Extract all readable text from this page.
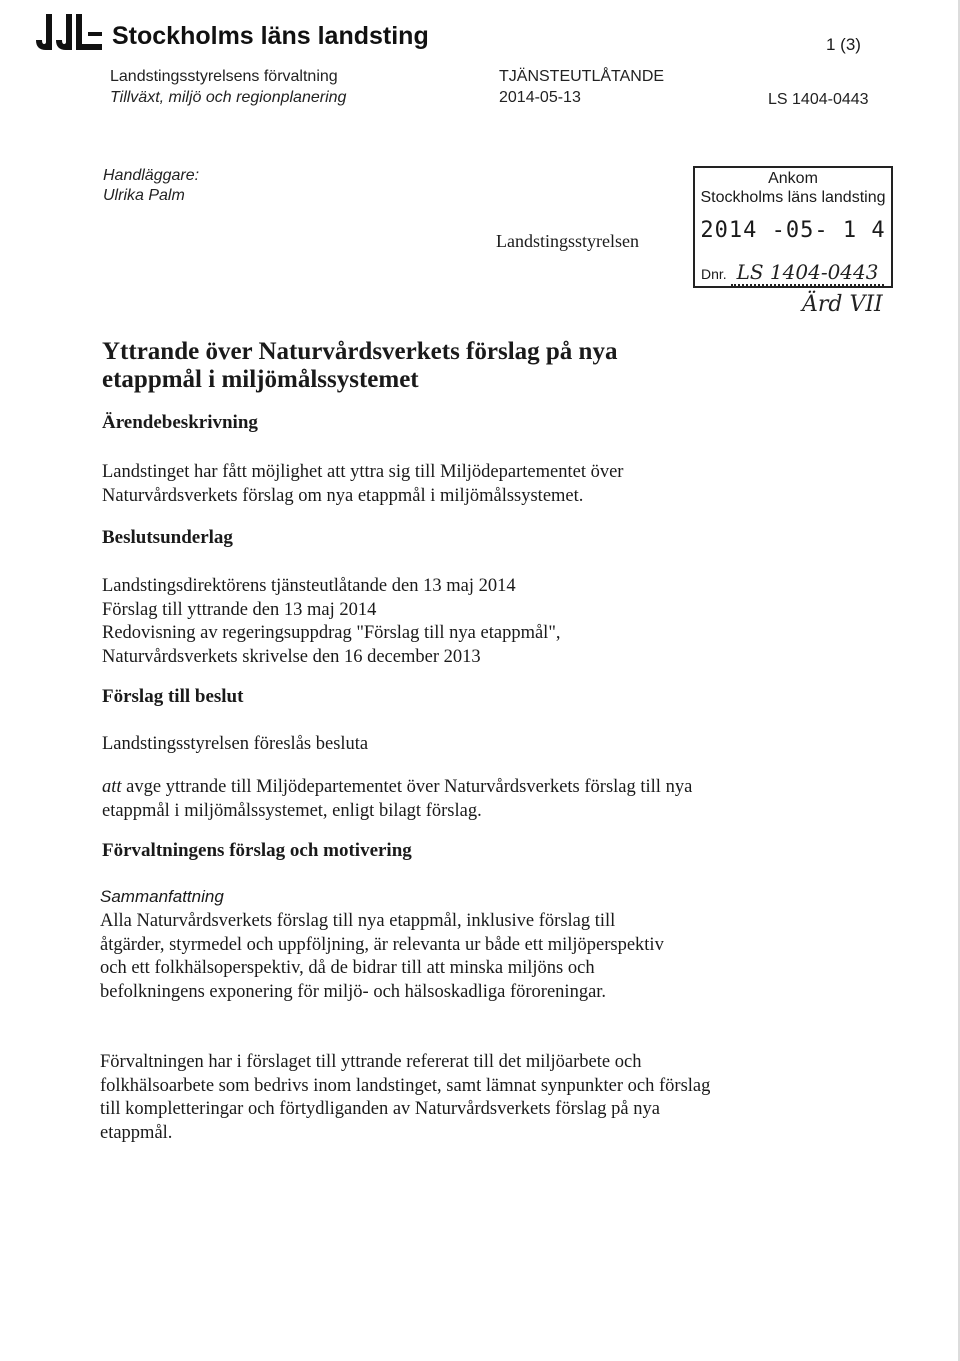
Stockholms läns landsting	1 (3)
Landstingsstyrelsens förvaltning
Tillväxt, miljö och regionplanering
TJÄNSTEUTLÅTANDE
2014-05-13	LS 1404-0443
Handläggare:
Ulrika Palm
Landstingsstyrelsen
Ankom
Stockholms läns landsting
2014 -05- 1 4
Dnr. LS 1404-0443
Ärd VII
Yttrande över Naturvårdsverkets förslag på nya etappmål i miljömålssystemet
Ärendebeskrivning
Landstinget har fått möjlighet att yttra sig till Miljödepartementet över Naturvårdsverkets förslag om nya etappmål i miljömålssystemet.
Beslutsunderlag
Landstingsdirektörens tjänsteutlåtande den 13 maj 2014
Förslag till yttrande den 13 maj 2014
Redovisning av regeringsuppdrag "Förslag till nya etappmål",
Naturvårdsverkets skrivelse den 16 december 2013
Förslag till beslut
Landstingsstyrelsen föreslås besluta
att avge yttrande till Miljödepartementet över Naturvårdsverkets förslag till nya etappmål i miljömålssystemet, enligt bilagt förslag.
Förvaltningens förslag och motivering
Sammanfattning
Alla Naturvårdsverkets förslag till nya etappmål, inklusive förslag till åtgärder, styrmedel och uppföljning, är relevanta ur både ett miljöperspektiv och ett folkhälsoperspektiv, då de bidrar till att minska miljöns och befolkningens exponering för miljö- och hälsoskadliga föroreningar.
Förvaltningen har i förslaget till yttrande refererat till det miljöarbete och folkhälsoarbete som bedrivs inom landstinget, samt lämnat synpunkter och förslag till kompletteringar och förtydliganden av Naturvårdsverkets förslag på nya etappmål.
